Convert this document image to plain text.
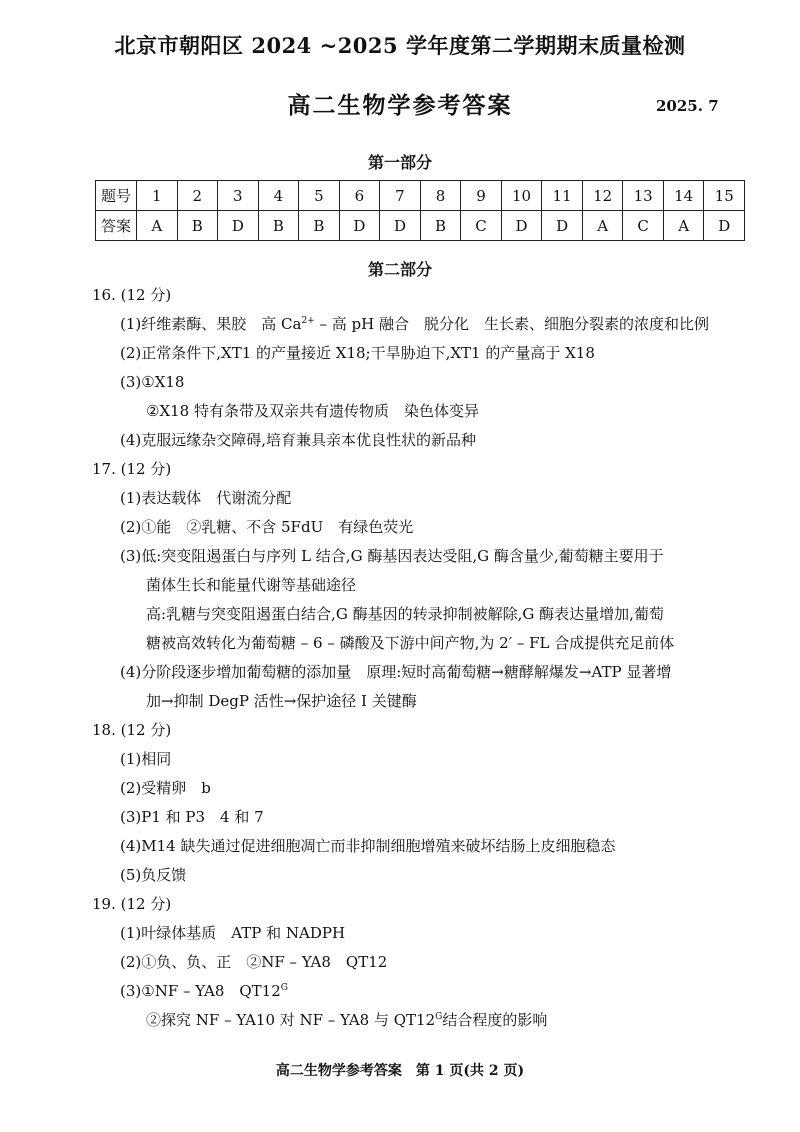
北京市朝阳区 2024 ~2025 学年度第二学期期末质量检测
高二生物学参考答案	2025. 7
第一部分
题号	1	2	3	4	5	6	7	8	9	10	11	12	13	14	15
答案	A	B	D	B	B	D	D	B	C	D	D	A	C	A	D
第二部分
16. (12 分)
(1)纤维素酶、果胶　高 $Ca^{2+}$ – 高 pH 融合　脱分化　生长素、细胞分裂素的浓度和比例
(2)正常条件下,XT1 的产量接近 X18;干旱胁迫下,XT1 的产量高于 X18
(3)①X18
②X18 特有条带及双亲共有遗传物质　染色体变异
(4)克服远缘杂交障碍,培育兼具亲本优良性状的新品种
17. (12 分)
(1)表达载体　代谢流分配
(2)①能　②乳糖、不含 5FdU　有绿色荧光
(3)低:突变阻遏蛋白与序列 L 结合,G 酶基因表达受阻,G 酶含量少,葡萄糖主要用于
菌体生长和能量代谢等基础途径
高:乳糖与突变阻遏蛋白结合,G 酶基因的转录抑制被解除,G 酶表达量增加,葡萄
糖被高效转化为葡萄糖 – 6 – 磷酸及下游中间产物,为 2′ – FL 合成提供充足前体
(4)分阶段逐步增加葡萄糖的添加量　原理:短时高葡萄糖→糖酵解爆发→ATP 显著增
加→抑制 DegP 活性→保护途径 I 关键酶
18. (12 分)
(1)相同
(2)受精卵　b
(3)P1 和 P3　4 和 7
(4)M14 缺失通过促进细胞凋亡而非抑制细胞增殖来破坏结肠上皮细胞稳态
(5)负反馈
19. (12 分)
(1)叶绿体基质　ATP 和 NADPH
(2)①负、负、正　②NF – YA8　QT12
(3)①NF – YA8　$QT12^G$
②探究 NF – YA10 对 NF – YA8 与 $QT12^G$结合程度的影响
高二生物学参考答案　第 1 页(共 2 页)
